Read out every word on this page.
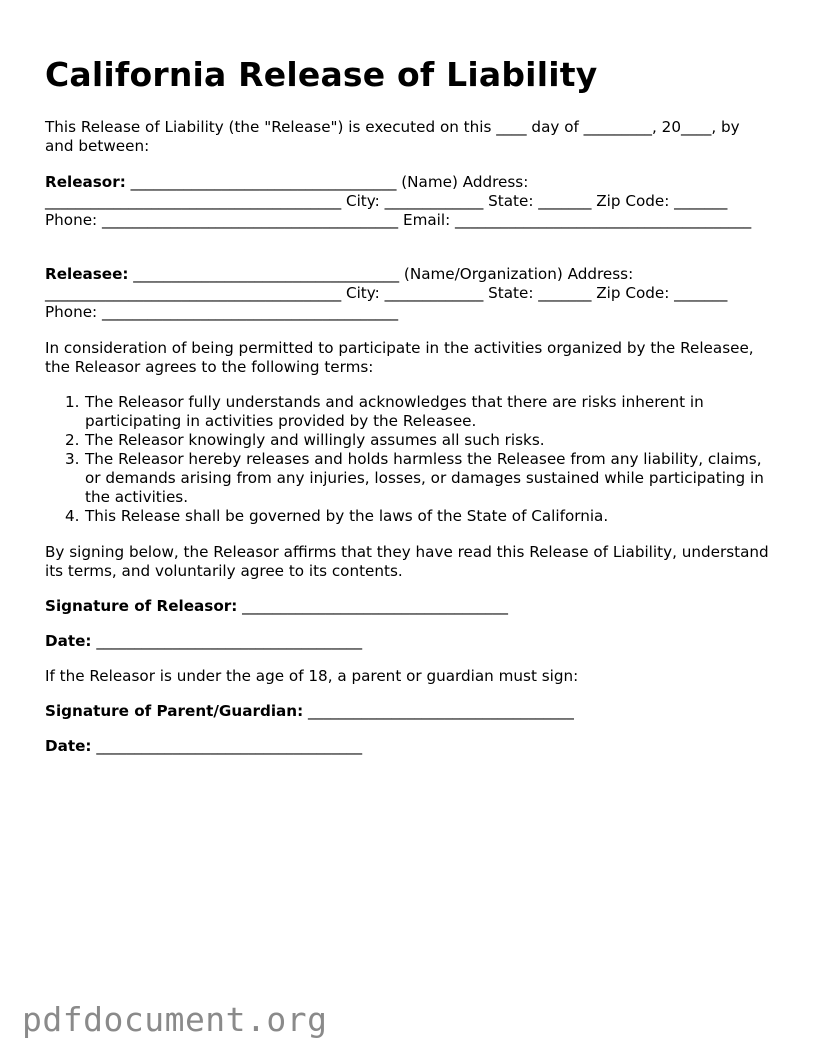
California Release of Liability

This Release of Liability (the "Release") is executed on this ____ day of _________, 20____, by and between:

Releasor: ___________________________________ (Name) Address: _______________________________________ City: _____________ State: _______ Zip Code: _______ Phone: _______________________________________ Email: _______________________________________

Releasee: ___________________________________ (Name/Organization) Address: _______________________________________ City: _____________ State: _______ Zip Code: _______ Phone: _______________________________________

In consideration of being permitted to participate in the activities organized by the Releasee, the Releasor agrees to the following terms:

1. The Releasor fully understands and acknowledges that there are risks inherent in participating in activities provided by the Releasee.
2. The Releasor knowingly and willingly assumes all such risks.
3. The Releasor hereby releases and holds harmless the Releasee from any liability, claims, or demands arising from any injuries, losses, or damages sustained while participating in the activities.
4. This Release shall be governed by the laws of the State of California.

By signing below, the Releasor affirms that they have read this Release of Liability, understand its terms, and voluntarily agree to its contents.

Signature of Releasor: ___________________________________

Date: ___________________________________

If the Releasor is under the age of 18, a parent or guardian must sign:

Signature of Parent/Guardian: ___________________________________

Date: ___________________________________

pdfdocument.org
